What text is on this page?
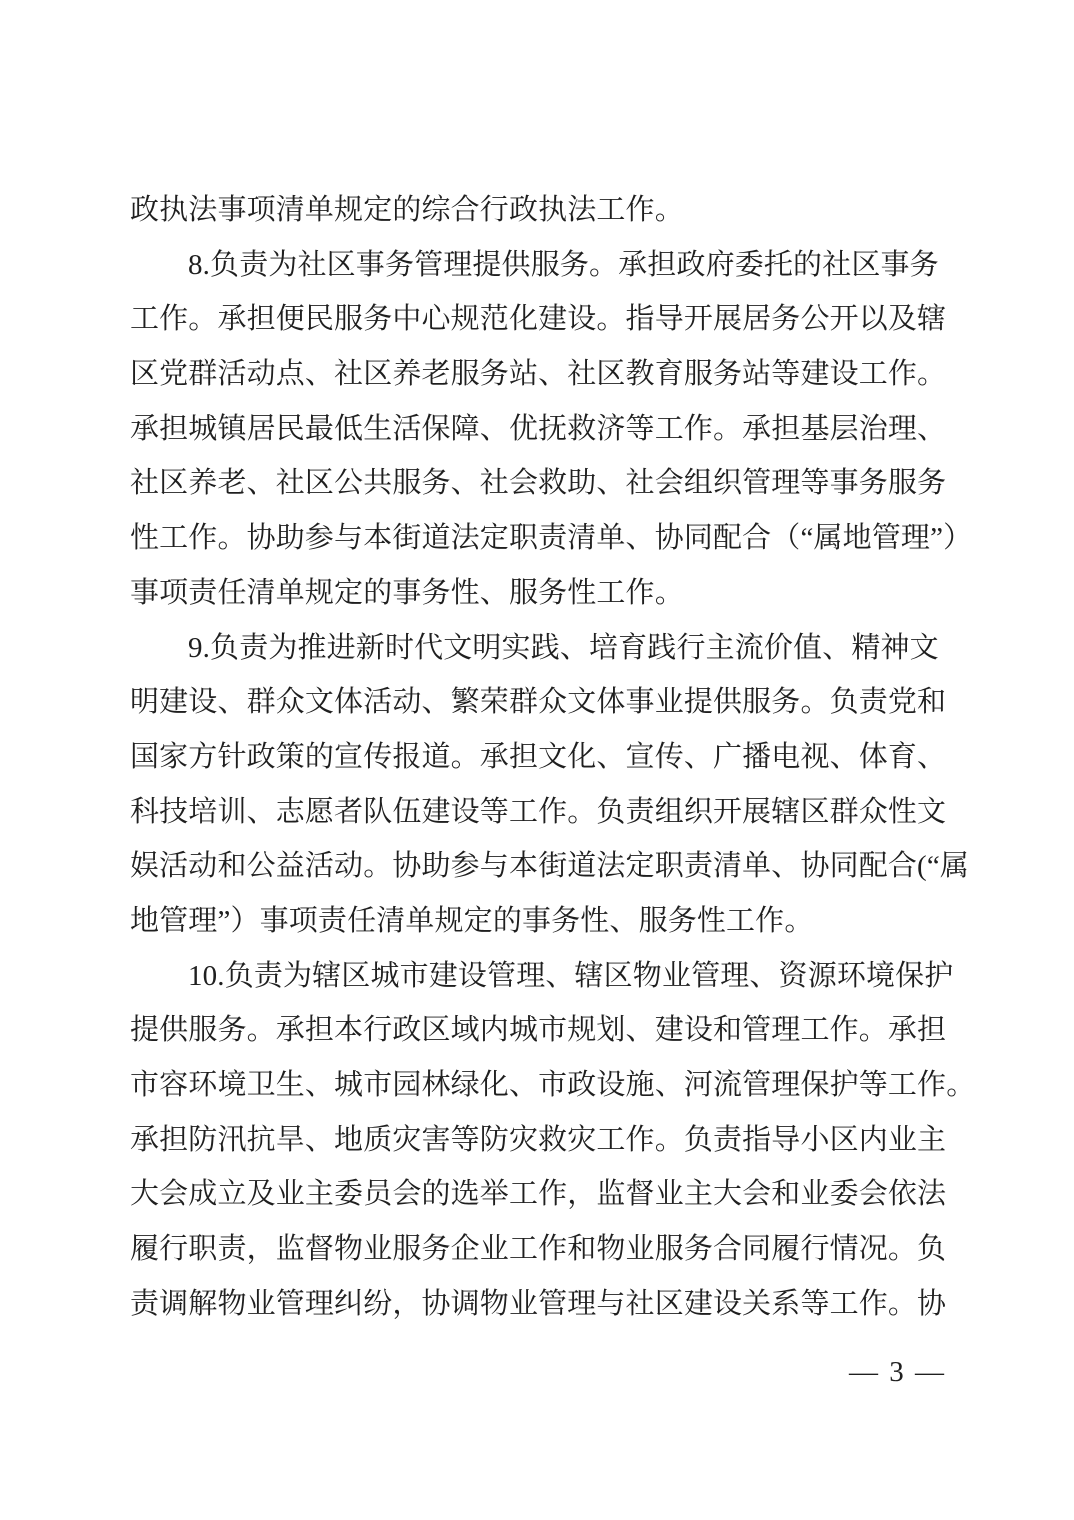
政执法事项清单规定的综合行政执法工作。
8.负责为社区事务管理提供服务。承担政府委托的社区事务
工作。承担便民服务中心规范化建设。指导开展居务公开以及辖
区党群活动点、社区养老服务站、社区教育服务站等建设工作。
承担城镇居民最低生活保障、优抚救济等工作。承担基层治理、
社区养老、社区公共服务、社会救助、社会组织管理等事务服务
性工作。协助参与本街道法定职责清单、协同配合（“属地管理”）
事项责任清单规定的事务性、服务性工作。
9.负责为推进新时代文明实践、培育践行主流价值、精神文
明建设、群众文体活动、繁荣群众文体事业提供服务。负责党和
国家方针政策的宣传报道。承担文化、宣传、广播电视、体育、
科技培训、志愿者队伍建设等工作。负责组织开展辖区群众性文
娱活动和公益活动。协助参与本街道法定职责清单、协同配合(“属
地管理”）事项责任清单规定的事务性、服务性工作。
10.负责为辖区城市建设管理、辖区物业管理、资源环境保护
提供服务。承担本行政区域内城市规划、建设和管理工作。承担
市容环境卫生、城市园林绿化、市政设施、河流管理保护等工作。
承担防汛抗旱、地质灾害等防灾救灾工作。负责指导小区内业主
大会成立及业主委员会的选举工作，监督业主大会和业委会依法
履行职责，监督物业服务企业工作和物业服务合同履行情况。负
责调解物业管理纠纷，协调物业管理与社区建设关系等工作。协
— 3 —
